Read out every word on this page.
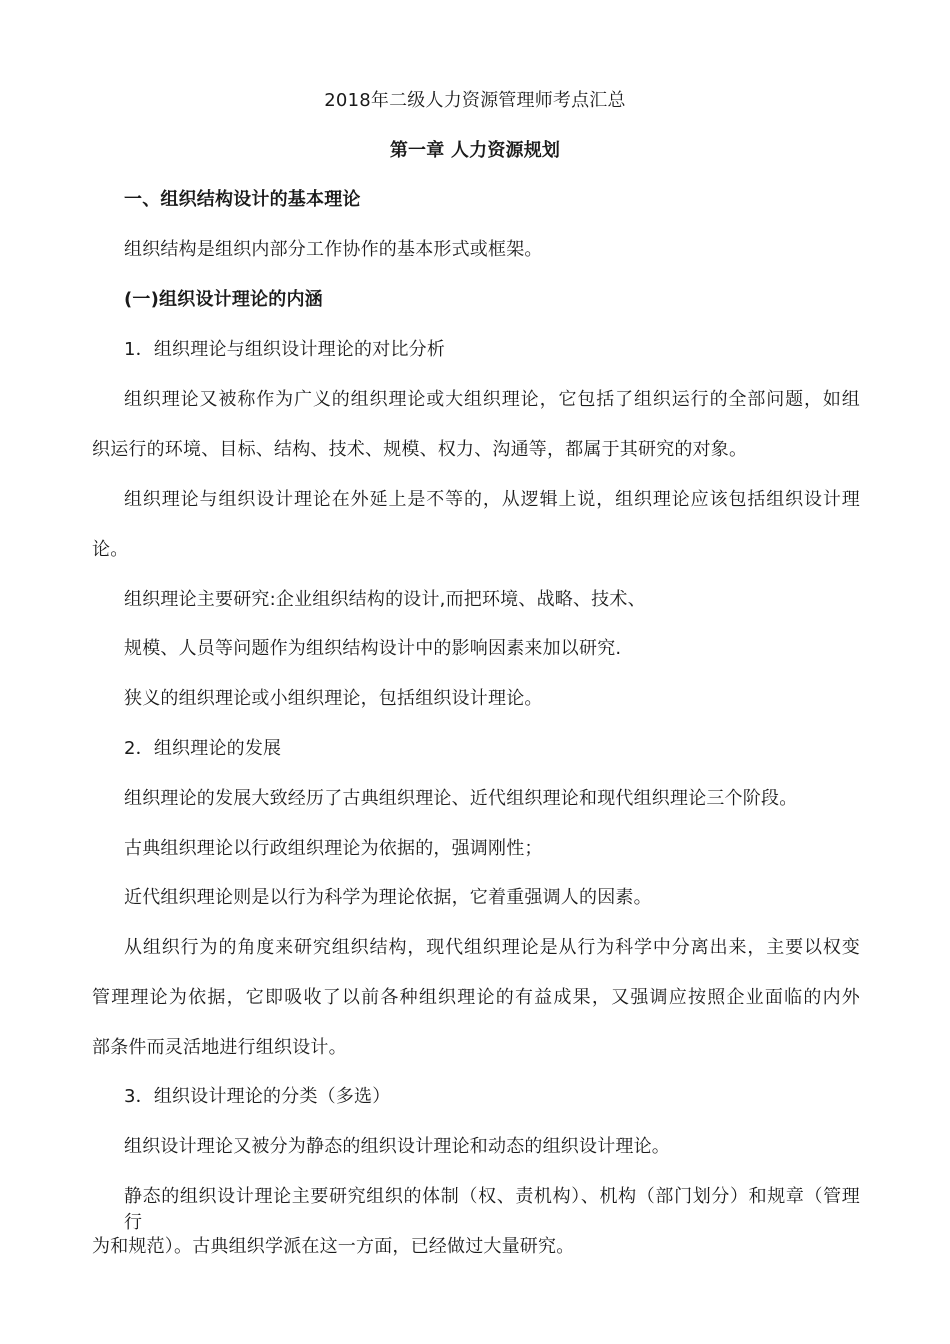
2018年二级人力资源管理师考点汇总
第一章 人力资源规划
一、组织结构设计的基本理论
组织结构是组织内部分工作协作的基本形式或框架。
(一)组织设计理论的内涵
1．组织理论与组织设计理论的对比分析
组织理论又被称作为广义的组织理论或大组织理论，它包括了组织运行的全部问题，如组
织运行的环境、目标、结构、技术、规模、权力、沟通等，都属于其研究的对象。
组织理论与组织设计理论在外延上是不等的，从逻辑上说，组织理论应该包括组织设计理
论。
组织理论主要研究:企业组织结构的设计,而把环境、战略、技术、
规模、人员等问题作为组织结构设计中的影响因素来加以研究.
狭义的组织理论或小组织理论，包括组织设计理论。
2．组织理论的发展
组织理论的发展大致经历了古典组织理论、近代组织理论和现代组织理论三个阶段。
古典组织理论以行政组织理论为依据的，强调刚性；
近代组织理论则是以行为科学为理论依据，它着重强调人的因素。
从组织行为的角度来研究组织结构，现代组织理论是从行为科学中分离出来，主要以权变
管理理论为依据，它即吸收了以前各种组织理论的有益成果，又强调应按照企业面临的内外
部条件而灵活地进行组织设计。
3．组织设计理论的分类（多选）
组织设计理论又被分为静态的组织设计理论和动态的组织设计理论。
静态的组织设计理论主要研究组织的体制（权、责机构）、机构（部门划分）和规章（管理行
为和规范）。古典组织学派在这一方面，已经做过大量研究。
